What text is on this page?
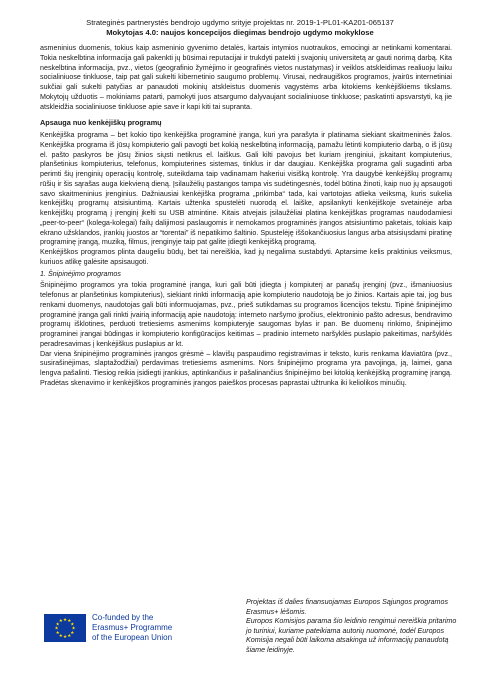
Strateginės partnerystės bendrojo ugdymo srityje projektas nr. 2019-1-PL01-KA201-065137
Mokytojas 4.0: naujos koncepcijos diegimas bendrojo ugdymo mokyklose

asmeninius duomenis, tokius kaip asmeninio gyvenimo detalės, kartais intymios nuotraukos, emocingi ar netinkami komentarai. Tokia neskelbtina informacija gali pakenkti jų būsimai reputacijai ir trukdyti patekti į svajonių universitetą ar gauti norimą darbą. Kita neskelbtina informacija, pvz., vietos (geografinio žymėjimo ir geografinės vietos nustatymas) ir veiklos atskleidimas realiuoju laiku socialiniuose tinkluose, taip pat gali sukelti kibernetinio saugumo problemų. Virusai, nedraugiškos programos, įvairūs internetiniai sukčiai gali sukelti patyčias ar panaudoti mokinių atskleistus duomenis vagystėms arba kitokiems kenkėjiškiems tikslams. Mokytojų užduotis – mokiniams patarti, pamokyti juos atsargumo dalyvaujant socialiniuose tinkluose; paskatinti apsvarstyti, ką jie atskleidžia socialiniuose tinkluose apie save ir kapi kiti tai supranta.

Apsauga nuo kenkėjiškų programų

Kenkėjiška programa – bet kokio tipo kenkėjiška programinė įranga, kuri yra parašyta ir platinama siekiant skaitmeninės žalos. Kenkėjiška programa iš jūsų kompiuterio gali pavogti bet kokią neskelbtiną informaciją, pamažu lėtinti kompiuterio darbą, o iš jūsų el. pašto paskyros be jūsų žinios siųsti netikrus el. laiškus. Gali kilti pavojus bet kuriam įrenginiui, įskaitant kompiuterius, planšetinius kompiuterius, telefonus, kompiuterines sistemas, tinklus ir dar daugiau. Kenkėjiška programa gali sugadinti arba perimti šių įrenginių operacijų kontrolę, suteikdama taip vadinamam hakeriui visišką kontrolę. Yra daugybė kenkėjiškų programų rūšių ir šis sąrašas auga kiekvieną dieną. Įsilaužėlių pastangos tampa vis sudėtingesnės, todėl būtina žinoti, kaip nuo jų apsaugoti savo skaitmeninius įrenginius. Dažniausiai kenkėjiška programa „prikimba“ tada, kai vartotojas atlieka veiksmą, kuris sukelia kenkėjiškų programų atsisiuntimą. Kartais užtenka spustelėti nuorodą el. laiške, apsilankyti kenkėjiškoje svetainėje arba kenkėjiškų programą į įrenginį įkelti su USB atmintine. Kitais atvejais įsilaužėliai platina kenkėjiškas programas naudodamiesi „peer-to-peer“ (kolega-kolegai) failų dalijimosi paslaugomis ir nemokamos programinės įrangos atsisiuntimo paketais, tokiais kaip ekrano užsklandos, įrankių juostos ar “torentai” iš nepatikimo šaltinio. Spustelėję iššokančiuosius langus arba atsisiųsdami piratinę programinę įrangą, muziką, filmus, įrenginyje taip pat galite įdiegti kenkėjišką programą.

Kenkėjiškos programos plinta daugeliu būdų, bet tai nereiškia, kad jų negalima sustabdyti. Aptarsime kelis praktinius veiksmus, kuriuos atlikę galėsite apsisaugoti.

1. Šnipinėjimo programos

Šnipinėjimo programos yra tokia programinė įranga, kuri gali būti įdiegta į kompiuterį ar panašų įrenginį (pvz., išmaniuosius telefonus ar planšetinius kompiuterius), siekiant rinkti informaciją apie kompiuterio naudotoją be jo žinios. Kartais apie tai, jog bus renkami duomenys, naudotojas gali būti informuojamas, pvz., prieš sutikdamas su programos licencijos tekstu. Tipinė šnipinėjimo programinė įranga gali rinkti įvairią informaciją apie naudotoją: interneto naršymo įpročius, elektroninio pašto adresus, bendravimo programų išklotines, perduoti tretiesiems asmenims kompiuteryje saugomas bylas ir pan. Be duomenų rinkimo, šnipinėjimo programinei įrangai būdingas ir kompiuterio konfigūracijos keitimas – pradinio interneto naršyklės puslapio pakeitimas, naršyklės peradresavimas į kenkėjiškus puslapius ar kt.

Dar viena šnipinėjimo programinės įrangos grėsmė – klavišų paspaudimo registravimas ir teksto, kuris renkama klaviatūra (pvz., susirašinėjimas, slaptažodžiai) perdavimas tretiesiems asmenims. Nors šnipinėjimo programa yra pavojinga, ją, laimei, gana lengva pašalinti. Tiesiog reikia įsidiegti įrankius, aptinkančius ir pašalinančius šnipinėjimo bei kitokią kenkėjišką programinę įrangą. Pradėtas skenavimo ir kenkėjiškos programinės įrangos paieškos procesas paprastai užtrunka iki keliolikos minučių.

★ ★
★
★
★
★
★
★
★
★
★
★	Co-funded by the
Erasmus+ Programme
of the European Union
Projektas iš dalies finansuojamas Europos Sąjungos programos Erasmus+ lėšomis.
Europos Komisijos parama šio leidinio rengimui nereiškia pritarimo jo turiniui, kuriame pateikiama autorių nuomonė, todėl Europos Komisija negali būti laikoma atsakinga už informacijų panaudotą šiame leidinyje.
